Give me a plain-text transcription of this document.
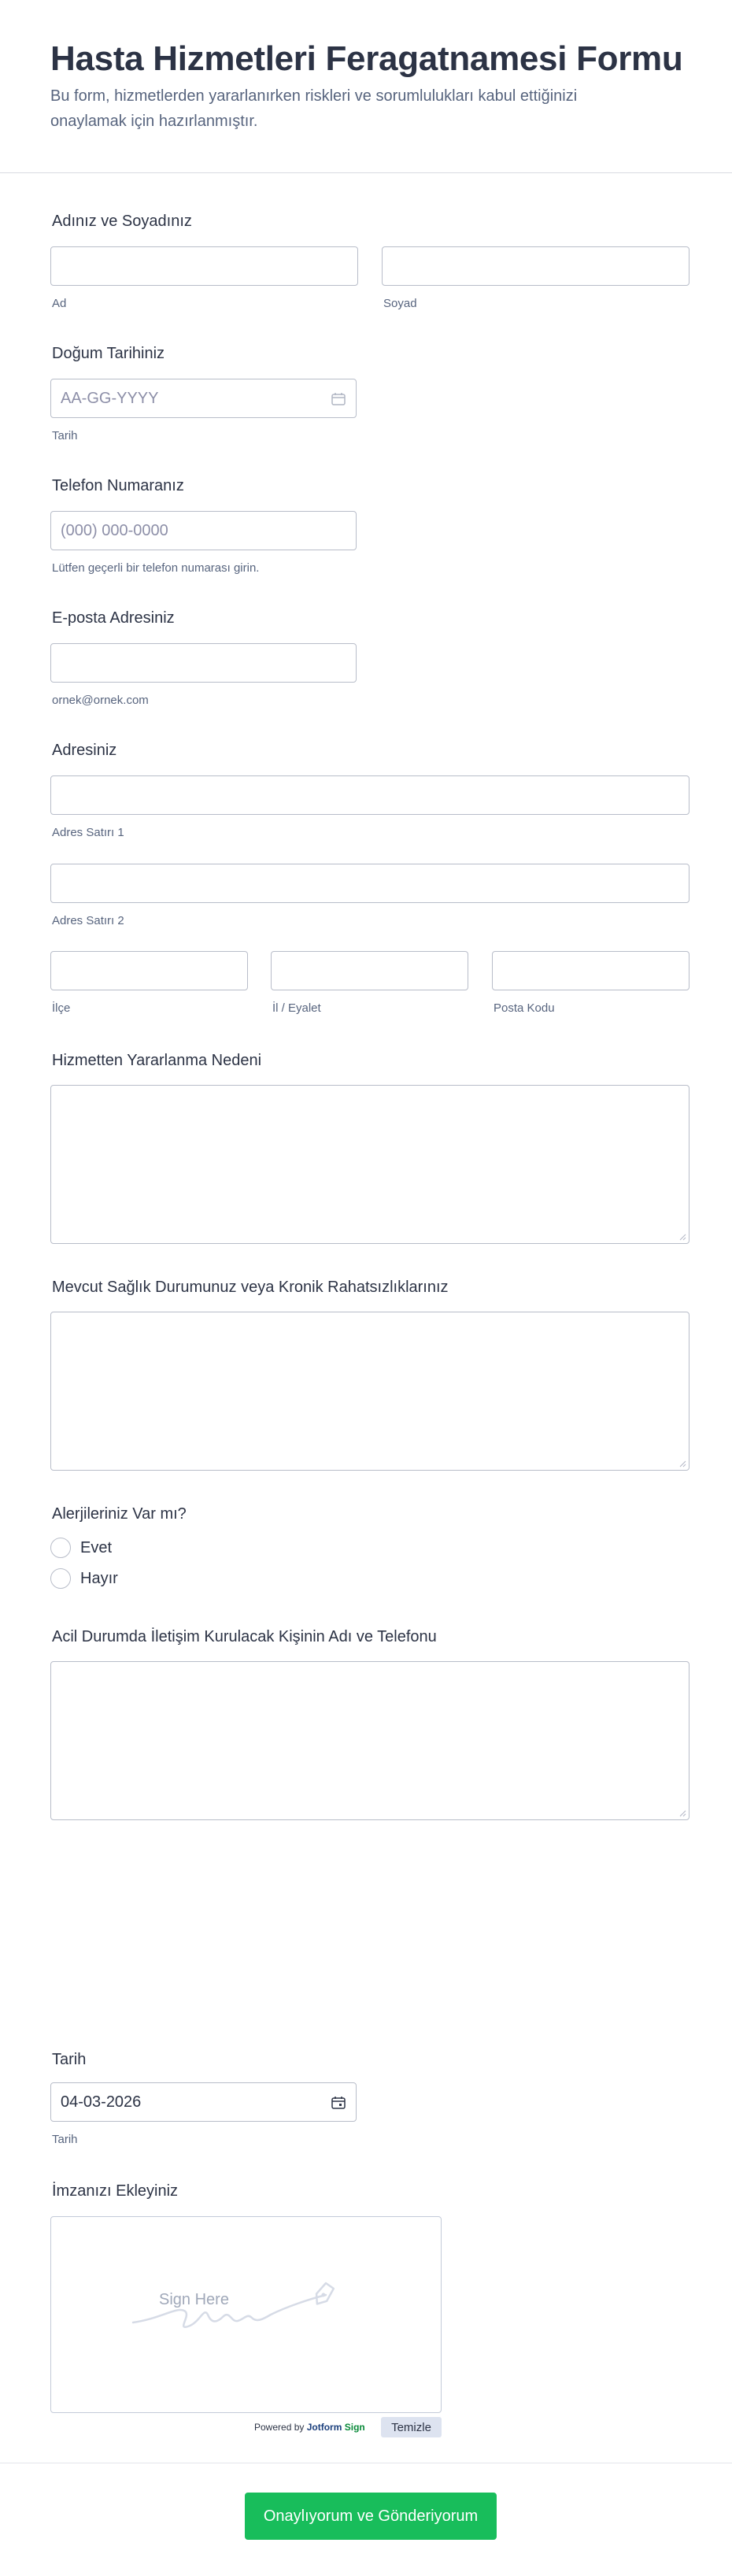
Hasta Hizmetleri Feragatnamesi Formu

Bu form, hizmetlerden yararlanırken riskleri ve sorumlulukları kabul ettiğinizi onaylamak için hazırlanmıştır.

Adınız ve Soyadınız
Ad	Soyad
Doğum Tarihiniz
AA-GG-YYYY
Tarih
Telefon Numaranız
(000) 000-0000
Lütfen geçerli bir telefon numarası girin.
E-posta Adresiniz
ornek@ornek.com
Adresiniz
Adres Satırı 1
Adres Satırı 2
İlçe	İl / Eyalet	Posta Kodu
Hizmetten Yararlanma Nedeni
Mevcut Sağlık Durumunuz veya Kronik Rahatsızlıklarınız
Alerjileriniz Var mı?
Evet
Hayır
Acil Durumda İletişim Kurulacak Kişinin Adı ve Telefonu
Tarih
04-03-2026
Tarih
İmzanızı Ekleyiniz
Sign Here
Powered by Jotform Sign	Temizle
Onaylıyorum ve Gönderiyorum
